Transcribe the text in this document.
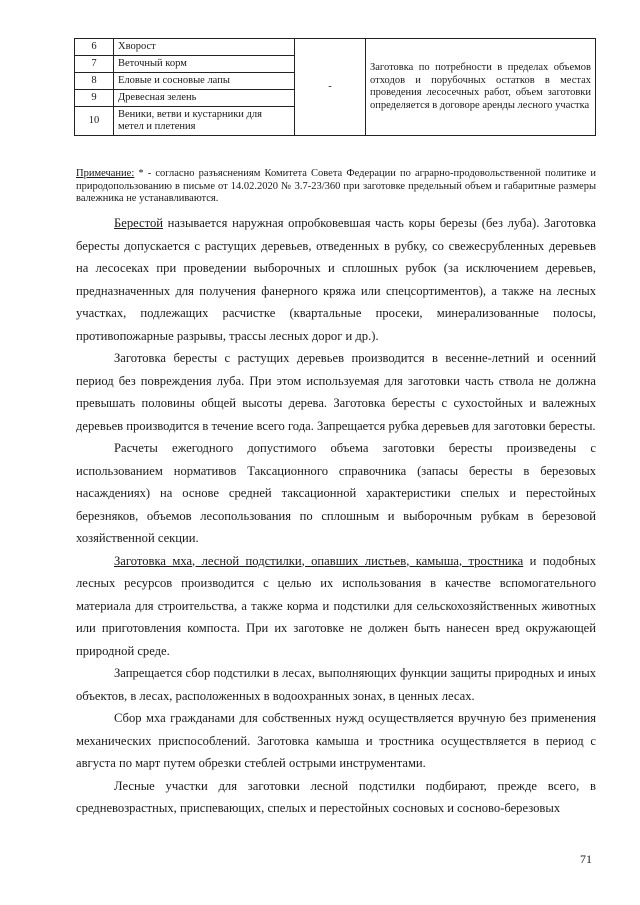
6	Хворост	-	Заготовка по потребности в пределах объемов отходов и порубочных остатков в местах проведения лесосечных работ, объем заготовки определяется в договоре аренды лесного участка
7	Веточный корм		
8	Еловые и сосновые лапы		
9	Древесная зелень		
10	Веники, ветви и кустарники для метел и плетения		
Примечание: * - согласно разъяснениям Комитета Совета Федерации по аграрно-продовольственной политике и природопользованию в письме от 14.02.2020 № 3.7-23/360 при заготовке предельный объем и габаритные размеры валежника не устанавливаются.

Берестой называется наружная опробковевшая часть коры березы (без луба). Заготовка бересты допускается с растущих деревьев, отведенных в рубку, со свежесрубленных деревьев на лесосеках при проведении выборочных и сплошных рубок (за исключением деревьев, предназначенных для получения фанерного кряжа или спецсортиментов), а также на лесных участках, подлежащих расчистке (квартальные просеки, минерализованные полосы, противопожарные разрывы, трассы лесных дорог и др.).

Заготовка бересты с растущих деревьев производится в весенне-летний и осенний период без повреждения луба. При этом используемая для заготовки часть ствола не должна превышать половины общей высоты дерева. Заготовка бересты с сухостойных и валежных деревьев производится в течение всего года. Запрещается рубка деревьев для заготовки бересты.

Расчеты ежегодного допустимого объема заготовки бересты произведены с использованием нормативов Таксационного справочника (запасы бересты в березовых насаждениях) на основе средней таксационной характеристики спелых и перестойных березняков, объемов лесопользования по сплошным и выборочным рубкам в березовой хозяйственной секции.

Заготовка мха, лесной подстилки, опавших листьев, камыша, тростника и подобных лесных ресурсов производится с целью их использования в качестве вспомогательного материала для строительства, а также корма и подстилки для сельскохозяйственных животных или приготовления компоста. При их заготовке не должен быть нанесен вред окружающей природной среде.

Запрещается сбор подстилки в лесах, выполняющих функции защиты природных и иных объектов, в лесах, расположенных в водоохранных зонах, в ценных лесах.

Сбор мха гражданами для собственных нужд осуществляется вручную без применения механических приспособлений. Заготовка камыша и тростника осуществляется в период с августа по март путем обрезки стеблей острыми инструментами.

Лесные участки для заготовки лесной подстилки подбирают, прежде всего, в средневозрастных, приспевающих, спелых и перестойных сосновых и сосново-березовых

71
